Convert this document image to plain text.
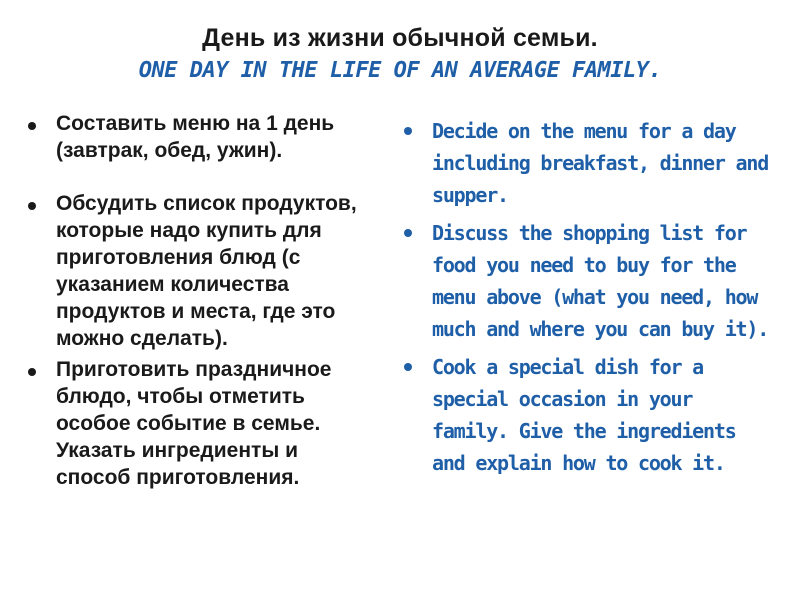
День из жизни обычной семьи.
ONE DAY IN THE LIFE OF AN AVERAGE FAMILY.
Составить меню на 1 день (завтрак, обед, ужин).
Обсудить список продуктов, которые надо купить для приготовления блюд (с указанием количества продуктов и места, где это можно сделать).
Приготовить праздничное блюдо, чтобы отметить особое событие в семье. Указать ингредиенты и способ приготовления.
Decide on the menu for a day including breakfast, dinner and supper.
Discuss the shopping list for food you need to buy for the menu above (what you need, how much and where you can buy it).
Cook a special dish for a special occasion in your family. Give the ingredients and explain how to cook it.
